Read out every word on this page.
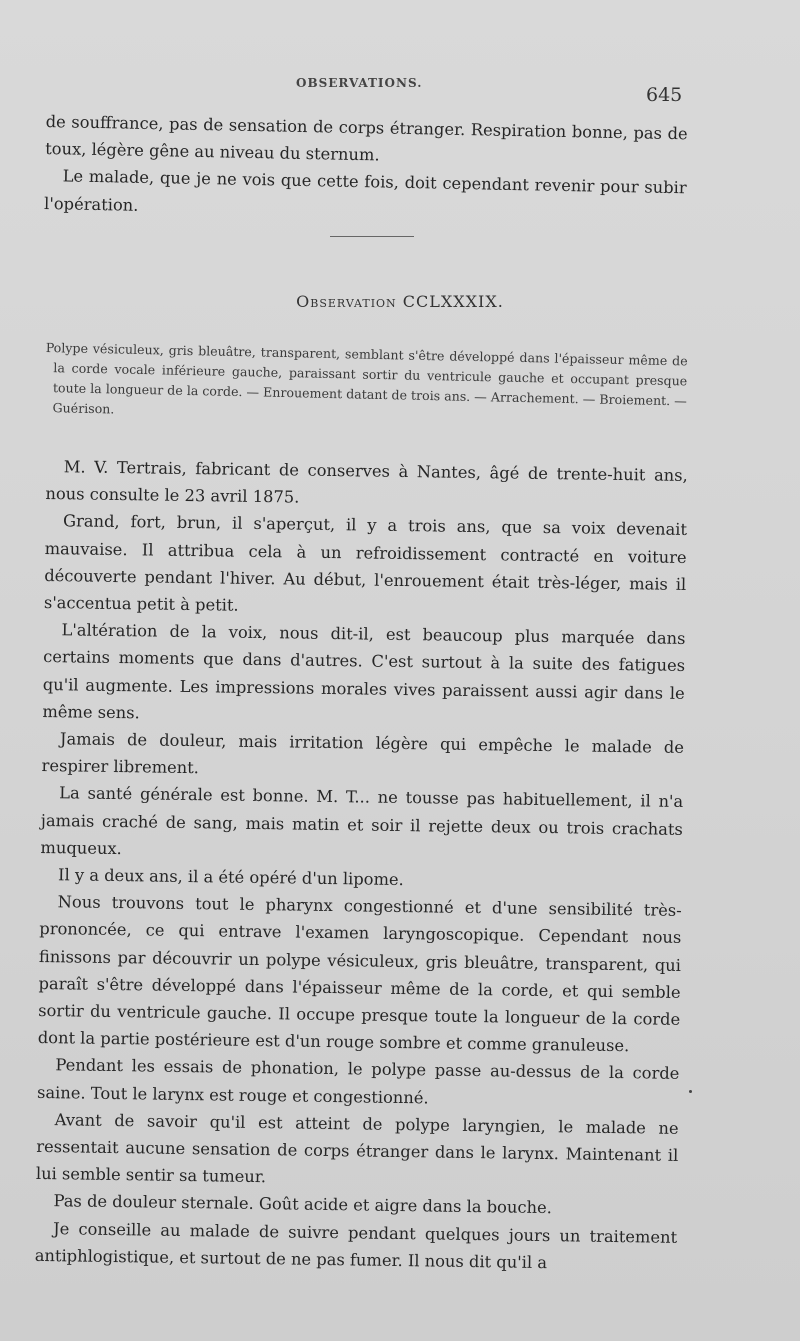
OBSERVATIONS.
645

de souffrance, pas de sensation de corps étranger. Respiration bonne, pas de toux, légère gêne au niveau du sternum.

Le malade, que je ne vois que cette fois, doit cependant revenir pour subir l'opération.

Observation CCLXXXIX.

Polype vésiculeux, gris bleuâtre, transparent, semblant s'être développé dans l'épaisseur même de la corde vocale inférieure gauche, paraissant sortir du ventricule gauche et occupant presque toute la longueur de la corde. — Enrouement datant de trois ans. — Arrachement. — Broiement. — Guérison.

M. V. Tertrais, fabricant de conserves à Nantes, âgé de trente-huit ans, nous consulte le 23 avril 1875.

Grand, fort, brun, il s'aperçut, il y a trois ans, que sa voix devenait mauvaise. Il attribua cela à un refroidissement contracté en voiture découverte pendant l'hiver. Au début, l'enrouement était très-léger, mais il s'accentua petit à petit.

L'altération de la voix, nous dit-il, est beaucoup plus marquée dans certains moments que dans d'autres. C'est surtout à la suite des fatigues qu'il augmente. Les impressions morales vives paraissent aussi agir dans le même sens.

Jamais de douleur, mais irritation légère qui empêche le malade de respirer librement.

La santé générale est bonne. M. T... ne tousse pas habituellement, il n'a jamais craché de sang, mais matin et soir il rejette deux ou trois crachats muqueux.

Il y a deux ans, il a été opéré d'un lipome.

Nous trouvons tout le pharynx congestionné et d'une sensibilité très-prononcée, ce qui entrave l'examen laryngoscopique. Cependant nous finissons par découvrir un polype vésiculeux, gris bleuâtre, transparent, qui paraît s'être développé dans l'épaisseur même de la corde, et qui semble sortir du ventricule gauche. Il occupe presque toute la longueur de la corde dont la partie postérieure est d'un rouge sombre et comme granuleuse.

Pendant les essais de phonation, le polype passe au-dessus de la corde saine. Tout le larynx est rouge et congestionné.

Avant de savoir qu'il est atteint de polype laryngien, le malade ne ressentait aucune sensation de corps étranger dans le larynx. Maintenant il lui semble sentir sa tumeur.

Pas de douleur sternale. Goût acide et aigre dans la bouche.

Je conseille au malade de suivre pendant quelques jours un traitement antiphlogistique, et surtout de ne pas fumer. Il nous dit qu'il a
